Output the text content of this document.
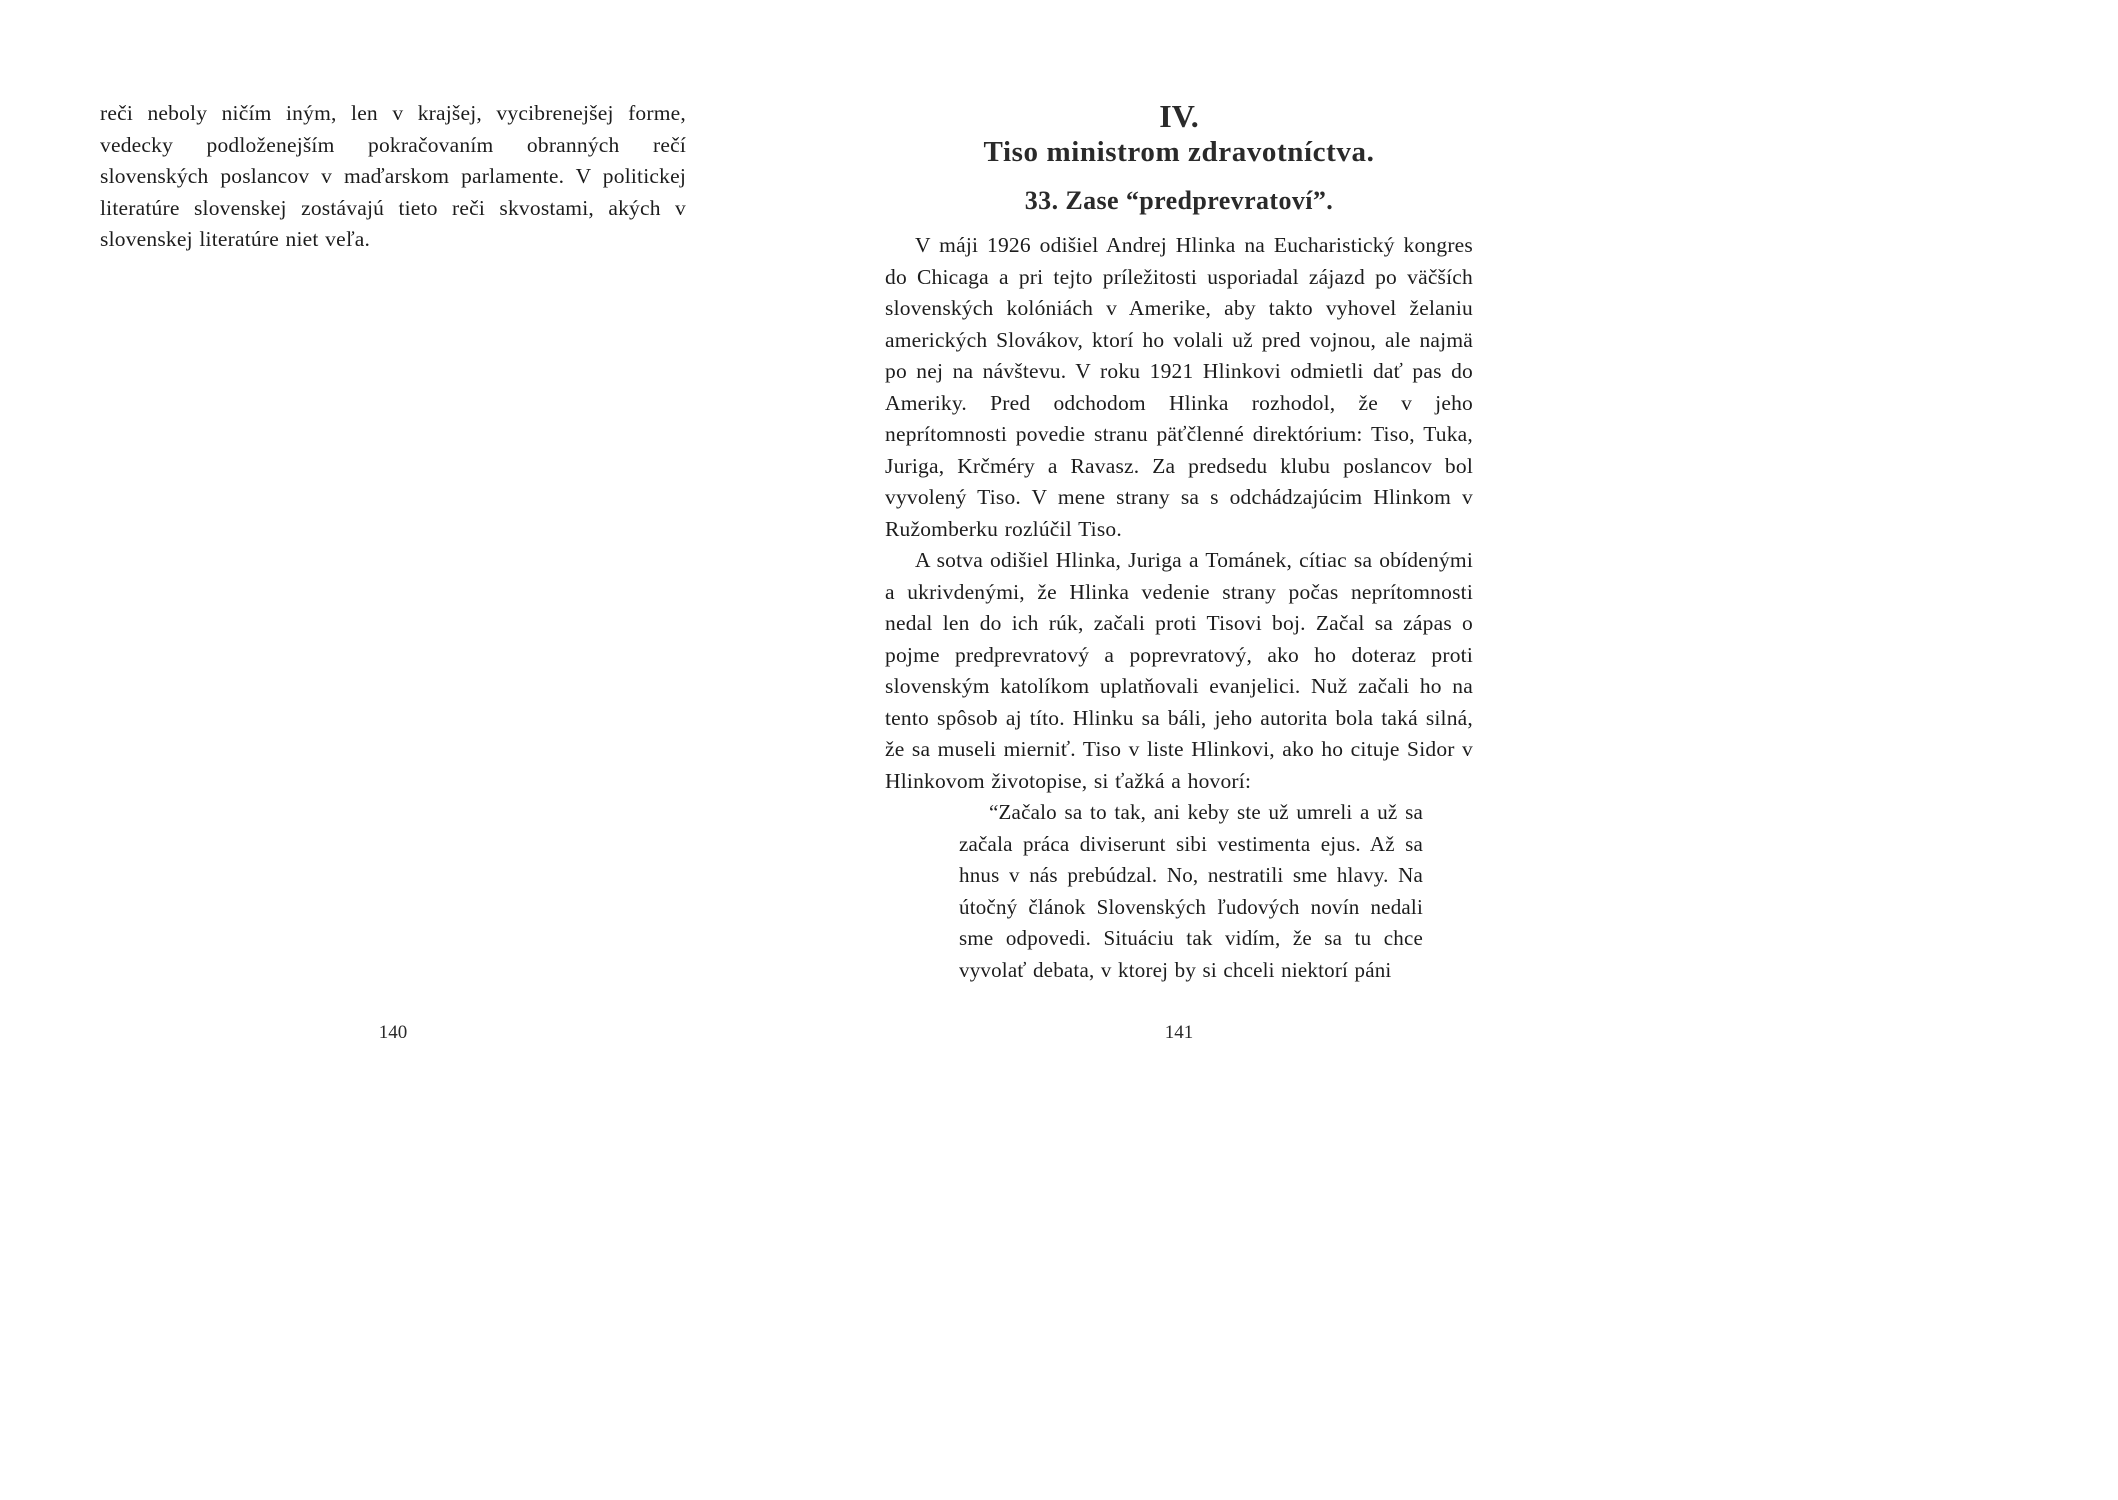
reči neboly ničím iným, len v krajšej, vycibrenejšej forme, vedecky podloženejším pokračovaním obranných rečí slovenských poslancov v maďarskom parlamente. V politickej literatúre slovenskej zostávajú tieto reči skvostami, akých v slovenskej literatúre niet veľa.
140
IV.
Tiso ministrom zdravotníctva.
33. Zase “predprevratoví”.

V máji 1926 odišiel Andrej Hlinka na Eucharistický kongres do Chicaga a pri tejto príležitosti usporiadal zájazd po väčších slovenských kolóniách v Amerike, aby takto vyhovel želaniu amerických Slovákov, ktorí ho volali už pred vojnou, ale najmä po nej na návštevu. V roku 1921 Hlinkovi odmietli dať pas do Ameriky. Pred odchodom Hlinka rozhodol, že v jeho neprítomnosti povedie stranu päťčlenné direktórium: Tiso, Tuka, Juriga, Krčméry a Ravasz. Za predsedu klubu poslancov bol vyvolený Tiso. V mene strany sa s odchádzajúcim Hlinkom v Ružomberku rozlúčil Tiso.

A sotva odišiel Hlinka, Juriga a Tománek, cítiac sa obídenými a ukrivdenými, že Hlinka vedenie strany počas neprítomnosti nedal len do ich rúk, začali proti Tisovi boj. Začal sa zápas o pojme predprevratový a poprevratový, ako ho doteraz proti slovenským katolíkom uplatňovali evanjelici. Nuž začali ho na tento spôsob aj títo. Hlinku sa báli, jeho autorita bola taká silná, že sa museli mierniť. Tiso v liste Hlinkovi, ako ho cituje Sidor v Hlinkovom životopise, si ťažká a hovorí:

“Začalo sa to tak, ani keby ste už umreli a už sa začala práca diviserunt sibi vestimenta ejus. Až sa hnus v nás prebúdzal. No, nestratili sme hlavy. Na útočný článok Slovenských ľudových novín nedali sme odpovedi. Situáciu tak vidím, že sa tu chce vyvolať debata, v ktorej by si chceli niektorí páni

141
